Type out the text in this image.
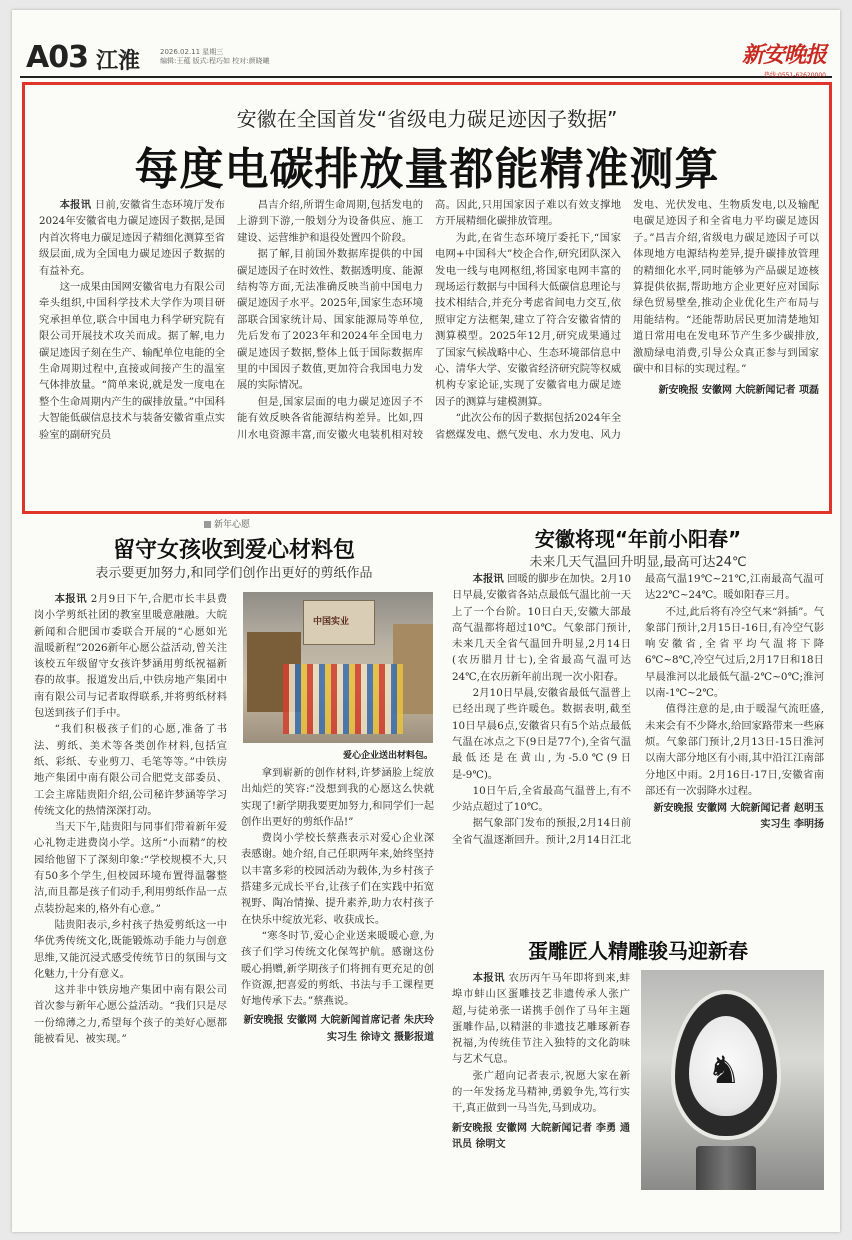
A03 江淮	2026.02.11 星期三
编辑:王蕴 版式:程巧如 校对:颜晓曦	新安晚报
热线:0551-62620000
安徽在全国首发“省级电力碳足迹因子数据”
每度电碳排放量都能精准测算

本报讯 日前,安徽省生态环境厅发布2024年安徽省电力碳足迹因子数据,是国内首次将电力碳足迹因子精细化测算至省级层面,成为全国电力碳足迹因子数据的有益补充。

这一成果由国网安徽省电力有限公司牵头组织,中国科学技术大学作为项目研究承担单位,联合中国电力科学研究院有限公司开展技术攻关而成。据了解,电力碳足迹因子刻在生产、输配单位电能的全生命周期过程中,直接或间接产生的温室气体排放量。“简单来说,就是发一度电在整个生命周期内产生的碳排放量。”中国科大智能低碳信息技术与装备安徽省重点实验室的副研究员

昌吉介绍,所谓生命周期,包括发电的上游到下游,一般划分为设备供应、施工建设、运营维护和退役处置四个阶段。

据了解,目前国外数据库提供的中国碳足迹因子在时效性、数据透明度、能源结构等方面,无法准确反映当前中国电力碳足迹因子水平。2025年,国家生态环境部联合国家统计局、国家能源局等单位,先后发布了2023年和2024年全国电力碳足迹因子数据,整体上低于国际数据库里的中国因子数值,更加符合我国电力发展的实际情况。

但是,国家层面的电力碳足迹因子不能有效反映各省能源结构差异。比如,四川水电资源丰富,而安徽火电装机相对较高。因此,只用国家因子难以有效支撑地方开展精细化碳排放管理。

为此,在省生态环境厅委托下,“国家电网+中国科大”校企合作,研究团队深入发电一线与电网枢纽,将国家电网丰富的现场运行数据与中国科大低碳信息理论与技术相结合,并充分考虑省间电力交互,依照审定方法框架,建立了符合安徽省情的测算模型。2025年12月,研究成果通过了国家气候战略中心、生态环境部信息中心、清华大学、安徽省经济研究院等权威机构专家论证,实现了安徽省电力碳足迹因子的测算与建模测算。

“此次公布的因子数据包括2024年全省燃煤发电、燃气发电、水力发电、风力发电、光伏发电、生物质发电,以及输配电碳足迹因子和全省电力平均碳足迹因子。”昌吉介绍,省级电力碳足迹因子可以体现地方电源结构差异,提升碳排放管理的精细化水平,同时能够为产品碳足迹核算提供依据,帮助地方企业更好应对国际绿色贸易壁垒,推动企业优化生产布局与用能结构。“还能帮助居民更加清楚地知道日常用电在发电环节产生多少碳排放,激励绿电消费,引导公众真正参与到国家碳中和目标的实现过程。”

新安晚报 安徽网 大皖新闻记者 项磊

新年心愿
留守女孩收到爱心材料包
表示要更加努力,和同学们创作出更好的剪纸作品

本报讯 2月9日下午,合肥市长丰县费岗小学剪纸社团的教室里暖意融融。大皖新闻和合肥国市委联合开展的“心愿如光 温暖新程”2026新年心愿公益活动,曾关注该校五年级留守女孩许梦涵用剪纸祝福新春的故事。报道发出后,中铁房地产集团中南有限公司与记者取得联系,并将剪纸材料包送到孩子们手中。

“我们积极孩子们的心愿,准备了书法、剪纸、美术等各类创作材料,包括宣纸、彩纸、专业剪刀、毛笔等等。”中铁房地产集团中南有限公司合肥党支部委员、工会主席陆贵阳介绍,公司秘许梦涵等学习传统文化的热情深深打动。

当天下午,陆贵阳与同事们带着新年爱心礼物走进费岗小学。这所“小而精”的校园给他留下了深刻印象:“学校规模不大,只有50多个学生,但校园环境布置得温馨整洁,而且都是孩子们动手,利用剪纸作品一点点装扮起来的,格外有心意。”

陆贵阳表示,乡村孩子热爱剪纸这一中华优秀传统文化,既能锻炼动手能力与创意思维,又能沉浸式感受传统节日的氛围与文化魅力,十分有意义。

这并非中铁房地产集团中南有限公司首次参与新年心愿公益活动。“我们只是尽一份绵薄之力,希望每个孩子的美好心愿都能被看见、被实现。”

拿到崭新的创作材料,许梦涵脸上绽放出灿烂的笑容:“没想到我的心愿这么快就实现了!新学期我要更加努力,和同学们一起创作出更好的剪纸作品!”

费岗小学校长蔡燕表示对爱心企业深表感谢。她介绍,自己任职两年来,始终坚持以丰富多彩的校园活动为载体,为乡村孩子搭建多元成长平台,让孩子们在实践中拓宽视野、陶冶情操、提升素养,助力农村孩子在快乐中绽放光彩、收获成长。

“寒冬时节,爱心企业送来暖暖心意,为孩子们学习传统文化保驾护航。感谢这份暖心捐赠,新学期孩子们将拥有更充足的创作资源,把喜爱的剪纸、书法与手工课程更好地传承下去。”蔡燕说。

新安晚报 安徽网 大皖新闻首席记者 朱庆玲 实习生 徐诗文 摄影报道

中国实业
爱心企业送出材料包。
安徽将现“年前小阳春”
未来几天气温回升明显,最高可达24℃

本报讯 回暖的脚步在加快。2月10日早晨,安徽省各站点最低气温比前一天上了一个台阶。10日白天,安徽大部最高气温都将超过10℃。气象部门预计,未来几天全省气温回升明显,2月14日(农历腊月廿七),全省最高气温可达24℃,在农历新年前出现一次小阳春。

2月10日早晨,安徽省最低气温普上已经出现了些许暖色。数据表明,截至10日早晨6点,安徽省只有5个站点最低气温在冰点之下(9日是77个),全省气温最低还是在黄山,为-5.0℃(9日是-9℃)。

10日午后,全省最高气温普上,有不少站点超过了10℃。

据气象部门发布的预报,2月14日前全省气温逐渐回升。预计,2月14日江北最高气温19℃~21℃,江南最高气温可达22℃~24℃。暖如阳春三月。

不过,此后将有冷空气来“斜插”。气象部门预计,2月15日-16日,有冷空气影响安徽省,全省平均气温将下降6℃~8℃,冷空气过后,2月17日和18日早晨淮河以北最低气温-2℃~0℃;淮河以南-1℃~2℃。

值得注意的是,由于暖湿气流旺盛,未来会有不少降水,给回家路带来一些麻烦。气象部门预计,2月13日-15日淮河以南大部分地区有小雨,其中沿江江南部分地区中雨。2月16日-17日,安徽省南部还有一次弱降水过程。

新安晚报 安徽网 大皖新闻记者 赵明玉 实习生 李明扬

蛋雕匠人精雕骏马迎新春

本报讯 农历丙午马年即将到来,蚌埠市蚌山区蛋雕技艺非遗传承人张广超,与徒弟张一诺携手创作了马年主题蛋雕作品,以精湛的非遗技艺雕琢新春祝福,为传统佳节注入独特的文化韵味与艺术气息。

张广超向记者表示,祝愿大家在新的一年发扬龙马精神,勇毅争先,笃行实干,真正做到一马当先,马到成功。

新安晚报 安徽网 大皖新闻记者 李勇 通讯员 徐明文

♞
